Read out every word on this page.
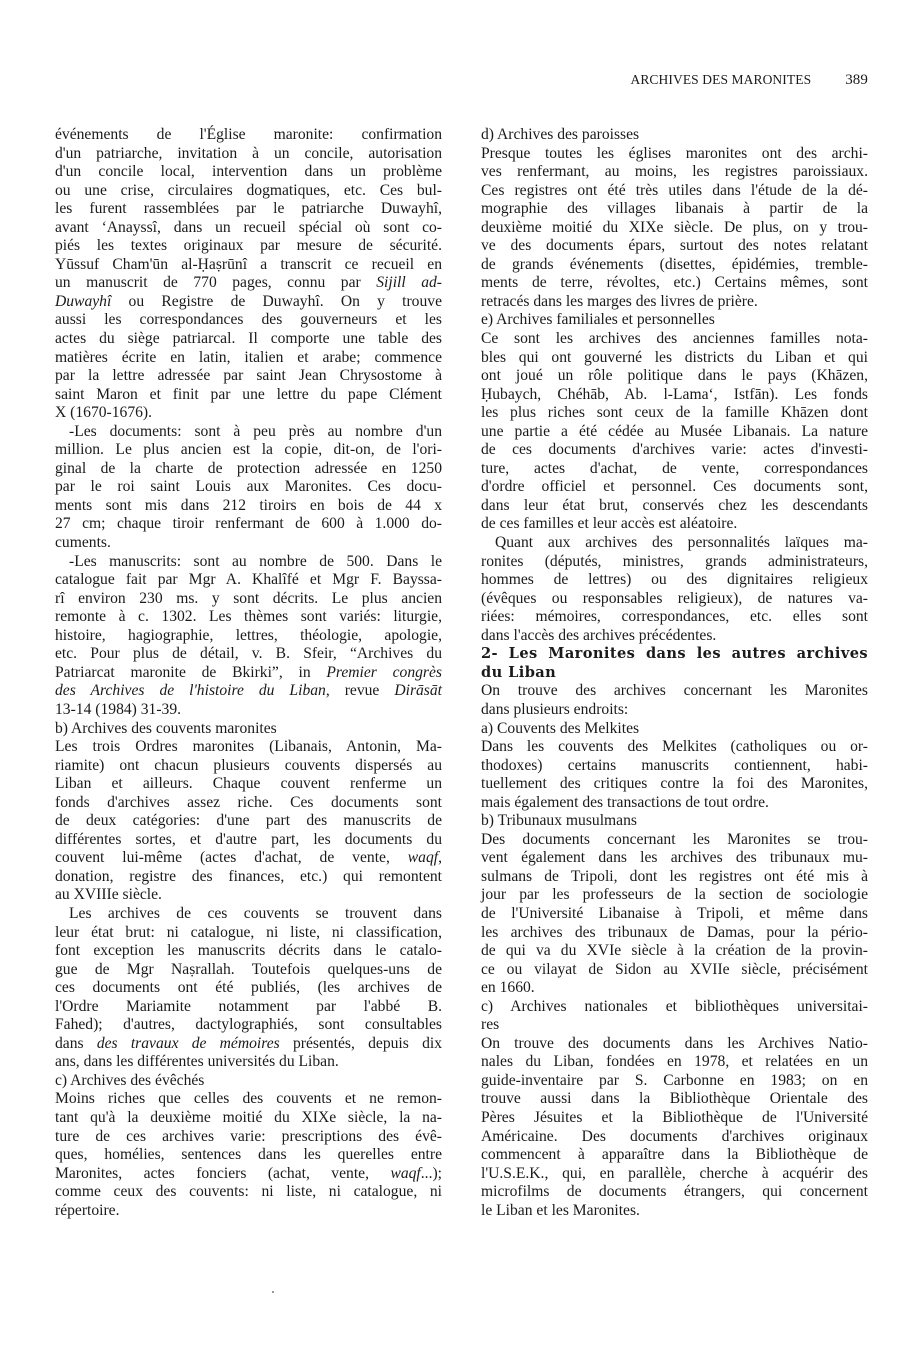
ARCHIVES DES MARONITES 389
événements de l'Église maronite: confirmation
d'un patriarche, invitation à un concile, autorisation
d'un concile local, intervention dans un problème
ou une crise, circulaires dogmatiques, etc. Ces bul-
les furent rassemblées par le patriarche Duwayhî,
avant ‘Anayssî, dans un recueil spécial où sont co-
piés les textes originaux par mesure de sécurité.
Yūssuf Cham'ūn al-Ḥaṣrūnî a transcrit ce recueil en
un manuscrit de 770 pages, connu par Sijill ad-
Duwayhî ou Registre de Duwayhî. On y trouve
aussi les correspondances des gouverneurs et les
actes du siège patriarcal. Il comporte une table des
matières écrite en latin, italien et arabe; commence
par la lettre adressée par saint Jean Chrysostome à
saint Maron et finit par une lettre du pape Clément
X (1670-1676).
-Les documents: sont à peu près au nombre d'un
million. Le plus ancien est la copie, dit-on, de l'ori-
ginal de la charte de protection adressée en 1250
par le roi saint Louis aux Maronites. Ces docu-
ments sont mis dans 212 tiroirs en bois de 44 x
27 cm; chaque tiroir renfermant de 600 à 1.000 do-
cuments.
-Les manuscrits: sont au nombre de 500. Dans le
catalogue fait par Mgr A. Khalîfé et Mgr F. Bayssa-
rî environ 230 ms. y sont décrits. Le plus ancien
remonte à c. 1302. Les thèmes sont variés: liturgie,
histoire, hagiographie, lettres, théologie, apologie,
etc. Pour plus de détail, v. B. Sfeir, “Archives du
Patriarcat maronite de Bkirki”, in Premier congrès
des Archives de l'histoire du Liban, revue Dirāsāt
13-14 (1984) 31-39.
b) Archives des couvents maronites
Les trois Ordres maronites (Libanais, Antonin, Ma-
riamite) ont chacun plusieurs couvents dispersés au
Liban et ailleurs. Chaque couvent renferme un
fonds d'archives assez riche. Ces documents sont
de deux catégories: d'une part des manuscrits de
différentes sortes, et d'autre part, les documents du
couvent lui-même (actes d'achat, de vente, waqf,
donation, registre des finances, etc.) qui remontent
au XVIIIe siècle.
Les archives de ces couvents se trouvent dans
leur état brut: ni catalogue, ni liste, ni classification,
font exception les manuscrits décrits dans le catalo-
gue de Mgr Naṣrallah. Toutefois quelques-uns de
ces documents ont été publiés, (les archives de
l'Ordre Mariamite notamment par l'abbé B.
Fahed); d'autres, dactylographiés, sont consultables
dans des travaux de mémoires présentés, depuis dix
ans, dans les différentes universités du Liban.
c) Archives des évêchés
Moins riches que celles des couvents et ne remon-
tant qu'à la deuxième moitié du XIXe siècle, la na-
ture de ces archives varie: prescriptions des évê-
ques, homélies, sentences dans les querelles entre
Maronites, actes fonciers (achat, vente, waqf...);
comme ceux des couvents: ni liste, ni catalogue, ni
répertoire.
d) Archives des paroisses
Presque toutes les églises maronites ont des archi-
ves renfermant, au moins, les registres paroissiaux.
Ces registres ont été très utiles dans l'étude de la dé-
mographie des villages libanais à partir de la
deuxième moitié du XIXe siècle. De plus, on y trou-
ve des documents épars, surtout des notes relatant
de grands événements (disettes, épidémies, tremble-
ments de terre, révoltes, etc.) Certains mêmes, sont
retracés dans les marges des livres de prière.
e) Archives familiales et personnelles
Ce sont les archives des anciennes familles nota-
bles qui ont gouverné les districts du Liban et qui
ont joué un rôle politique dans le pays (Khāzen,
Ḥubaych, Chéhāb, Ab. l-Lama‘, Istfān). Les fonds
les plus riches sont ceux de la famille Khāzen dont
une partie a été cédée au Musée Libanais. La nature
de ces documents d'archives varie: actes d'investi-
ture, actes d'achat, de vente, correspondances
d'ordre officiel et personnel. Ces documents sont,
dans leur état brut, conservés chez les descendants
de ces familles et leur accès est aléatoire.
Quant aux archives des personnalités laïques ma-
ronites (députés, ministres, grands administrateurs,
hommes de lettres) ou des dignitaires religieux
(évêques ou responsables religieux), de natures va-
riées: mémoires, correspondances, etc. elles sont
dans l'accès des archives précédentes.
2- Les Maronites dans les autres archives
du Liban
On trouve des archives concernant les Maronites
dans plusieurs endroits:
a) Couvents des Melkites
Dans les couvents des Melkites (catholiques ou or-
thodoxes) certains manuscrits contiennent, habi-
tuellement des critiques contre la foi des Maronites,
mais également des transactions de tout ordre.
b) Tribunaux musulmans
Des documents concernant les Maronites se trou-
vent également dans les archives des tribunaux mu-
sulmans de Tripoli, dont les registres ont été mis à
jour par les professeurs de la section de sociologie
de l'Université Libanaise à Tripoli, et même dans
les archives des tribunaux de Damas, pour la pério-
de qui va du XVIe siècle à la création de la provin-
ce ou vilayat de Sidon au XVIIe siècle, précisément
en 1660.
c) Archives nationales et bibliothèques universitai-
res
On trouve des documents dans les Archives Natio-
nales du Liban, fondées en 1978, et relatées en un
guide-inventaire par S. Carbonne en 1983; on en
trouve aussi dans la Bibliothèque Orientale des
Pères Jésuites et la Bibliothèque de l'Université
Américaine. Des documents d'archives originaux
commencent à apparaître dans la Bibliothèque de
l'U.S.E.K., qui, en parallèle, cherche à acquérir des
microfilms de documents étrangers, qui concernent
le Liban et les Maronites.
